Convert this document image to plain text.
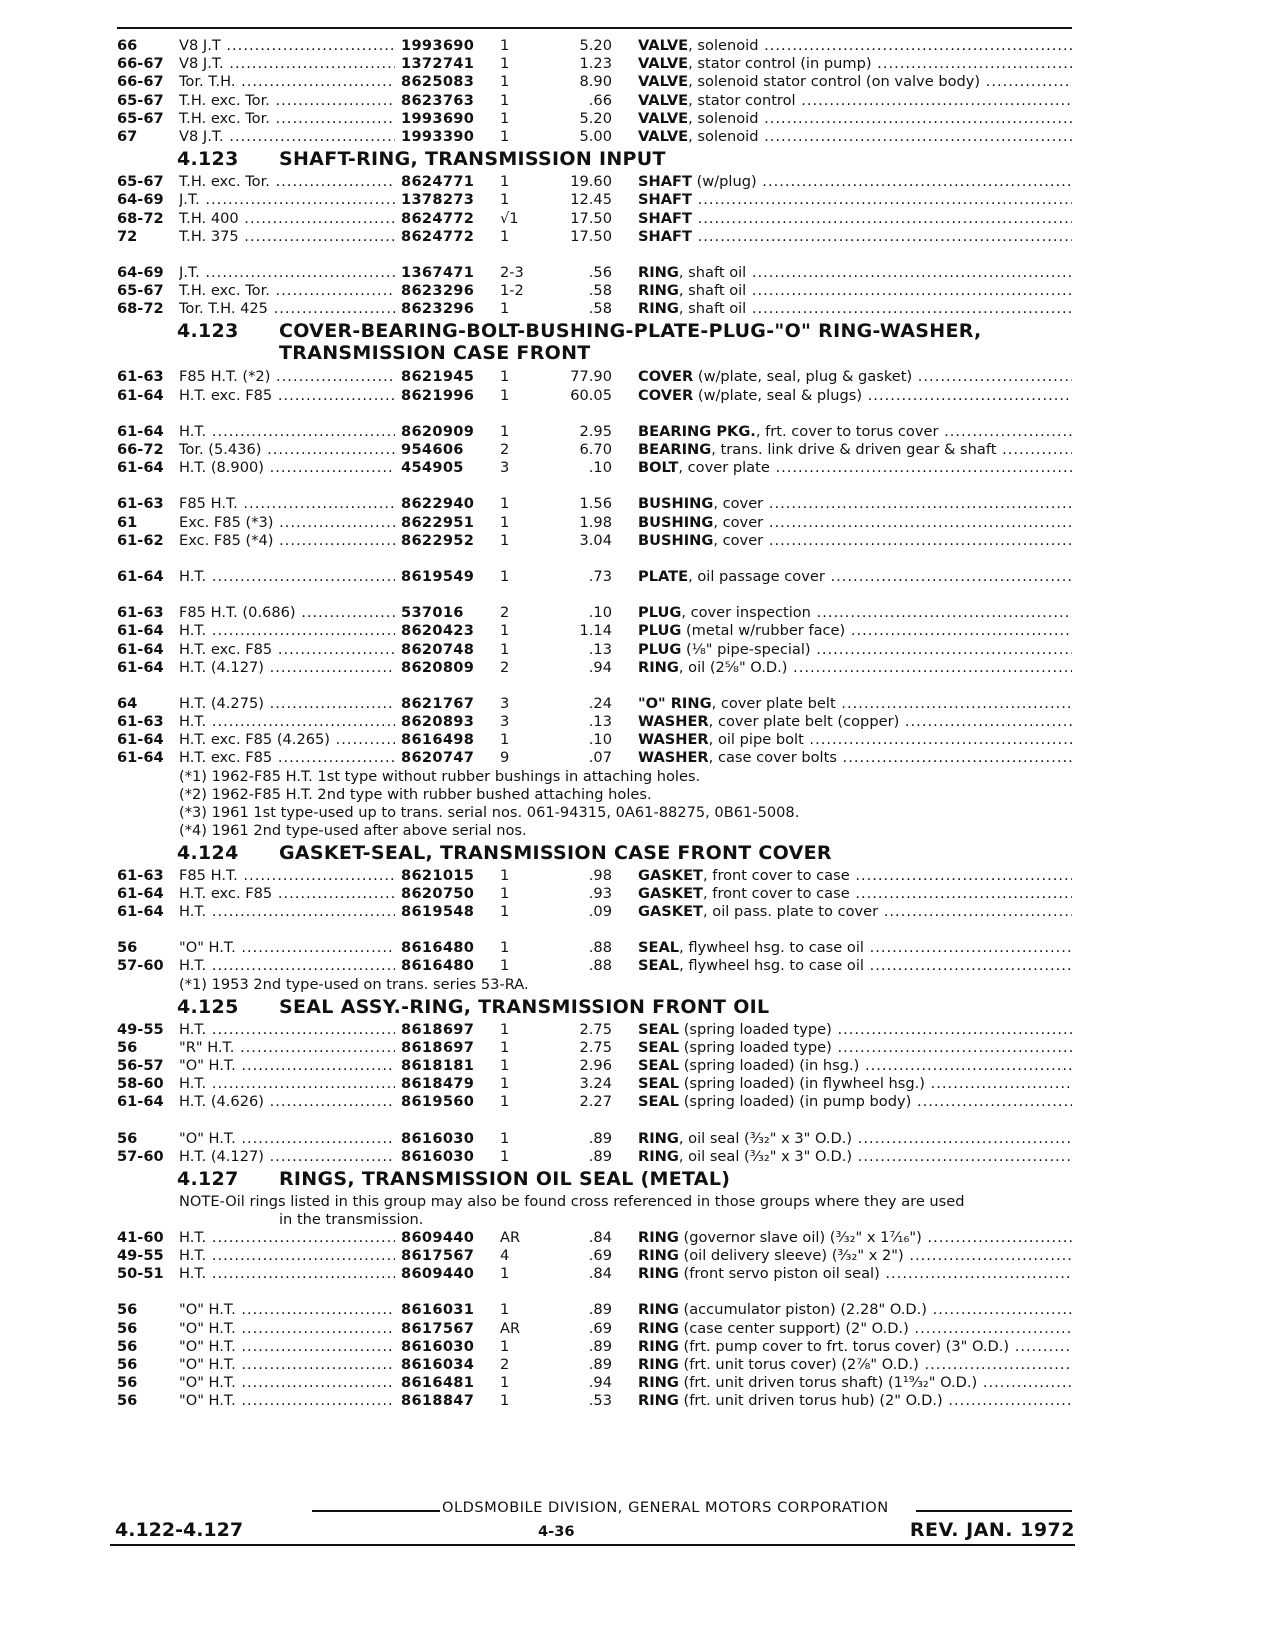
66	V8 J.T .....	1993690 1	5.20 VALVE, solenoid .....
66-67 V8 J.T. .....	1372741 1	1.23 VALVE, stator control (in pump) .....
66-67 Tor. T.H. .....	8625083 1	8.90 VALVE, solenoid stator control (on valve body) .....
65-67 T.H. exc. Tor. .....	8623763 1	.66 VALVE, stator control .....
65-67 T.H. exc. Tor. .....	1993690 1	5.20 VALVE, solenoid .....
67	V8 J.T. .....	1993390 1	5.00 VALVE, solenoid .....
4.123 SHAFT-RING, TRANSMISSION INPUT
65-67 T.H. exc. Tor. .....	8624771 1	19.60 SHAFT (w/plug) .....
64-69 J.T. .....	1378273 1	12.45 SHAFT .....
68-72 T.H. 400 .....	8624772 √1	17.50 SHAFT .....
72	T.H. 375 .....	8624772 1	17.50 SHAFT .....
64-69 J.T. .....	1367471 2-3	.56 RING, shaft oil .....
65-67 T.H. exc. Tor. .....	8623296 1-2	.58 RING, shaft oil .....
68-72 Tor. T.H. 425 .....	8623296 1	.58 RING, shaft oil .....
4.123 COVER-BEARING-BOLT-BUSHING-PLATE-PLUG-"O" RING-WASHER,
TRANSMISSION CASE FRONT
61-63 F85 H.T. (*2) .....	8621945 1	77.90 COVER (w/plate, seal, plug & gasket) .....
61-64 H.T. exc. F85 .....	8621996 1	60.05 COVER (w/plate, seal & plugs) .....
61-64 H.T. .....	8620909 1	2.95 BEARING PKG., frt. cover to torus cover .....
66-72 Tor. (5.436) .....	954606 2	6.70 BEARING, trans. link drive & driven gear & shaft .....
61-64 H.T. (8.900) .....	454905 3	.10 BOLT, cover plate .....
61-63 F85 H.T. .....	8622940 1	1.56 BUSHING, cover .....
61	Exc. F85 (*3) .....	8622951 1	1.98 BUSHING, cover .....
61-62 Exc. F85 (*4) .....	8622952 1	3.04 BUSHING, cover .....
61-64 H.T. .....	8619549 1	.73 PLATE, oil passage cover .....
61-63 F85 H.T. (0.686) .....	537016 2	.10 PLUG, cover inspection .....
61-64 H.T. .....	8620423 1	1.14 PLUG (metal w/rubber face) .....
61-64 H.T. exc. F85 .....	8620748 1	.13 PLUG (⅛" pipe-special) .....
61-64 H.T. (4.127) .....	8620809 2	.94 RING, oil (2⅝" O.D.) .....
64	H.T. (4.275) .....	8621767 3	.24 "O" RING, cover plate belt .....
61-63 H.T. .....	8620893 3	.13 WASHER, cover plate belt (copper) .....
61-64 H.T. exc. F85 (4.265) .....	8616498 1	.10 WASHER, oil pipe bolt .....
61-64 H.T. exc. F85 .....	8620747 9	.07 WASHER, case cover bolts .....
(*1) 1962-F85 H.T. 1st type without rubber bushings in attaching holes.
(*2) 1962-F85 H.T. 2nd type with rubber bushed attaching holes.
(*3) 1961 1st type-used up to trans. serial nos. 061-94315, 0A61-88275, 0B61-5008.
(*4) 1961 2nd type-used after above serial nos.
4.124 GASKET-SEAL, TRANSMISSION CASE FRONT COVER
61-63 F85 H.T. .....	8621015 1	.98 GASKET, front cover to case .....
61-64 H.T. exc. F85 .....	8620750 1	.93 GASKET, front cover to case .....
61-64 H.T. .....	8619548 1	.09 GASKET, oil pass. plate to cover .....
56	"O" H.T. .....	8616480 1	.88 SEAL, flywheel hsg. to case oil .....
57-60 H.T. .....	8616480 1	.88 SEAL, flywheel hsg. to case oil .....
(*1) 1953 2nd type-used on trans. series 53-RA.
4.125 SEAL ASSY.-RING, TRANSMISSION FRONT OIL
49-55 H.T. .....	8618697 1	2.75 SEAL (spring loaded type) .....
56	"R" H.T. .....	8618697 1	2.75 SEAL (spring loaded type) .....
56-57 "O" H.T. .....	8618181 1	2.96 SEAL (spring loaded) (in hsg.) .....
58-60 H.T. .....	8618479 1	3.24 SEAL (spring loaded) (in flywheel hsg.) .....
61-64 H.T. (4.626) .....	8619560 1	2.27 SEAL (spring loaded) (in pump body) .....
56	"O" H.T. .....	8616030 1	.89 RING, oil seal (³⁄₃₂" x 3" O.D.) .....
57-60 H.T. (4.127) .....	8616030 1	.89 RING, oil seal (³⁄₃₂" x 3" O.D.) .....
4.127 RINGS, TRANSMISSION OIL SEAL (METAL)
NOTE-Oil rings listed in this group may also be found cross referenced in those groups where they are used
in the transmission.
41-60 H.T. .....	8609440 AR	.84 RING (governor slave oil) (³⁄₃₂" x 1⁷⁄₁₆") .....
49-55 H.T. .....	8617567 4	.69 RING (oil delivery sleeve) (³⁄₃₂" x 2") .....
50-51 H.T. .....	8609440 1	.84 RING (front servo piston oil seal) .....
56	"O" H.T. .....	8616031 1	.89 RING (accumulator piston) (2.28" O.D.) .....
56	"O" H.T. .....	8617567 AR	.69 RING (case center support) (2" O.D.) .....
56	"O" H.T. .....	8616030 1	.89 RING (frt. pump cover to frt. torus cover) (3" O.D.) .....
56	"O" H.T. .....	8616034 2	.89 RING (frt. unit torus cover) (2⅞" O.D.) .....
56	"O" H.T. .....	8616481 1	.94 RING (frt. unit driven torus shaft) (1¹⁹⁄₃₂" O.D.) .....
56	"O" H.T. .....	8618847 1	.53 RING (frt. unit driven torus hub) (2" O.D.) .....
OLDSMOBILE DIVISION, GENERAL MOTORS CORPORATION
4.122-4.127	4-36	REV. JAN. 1972
